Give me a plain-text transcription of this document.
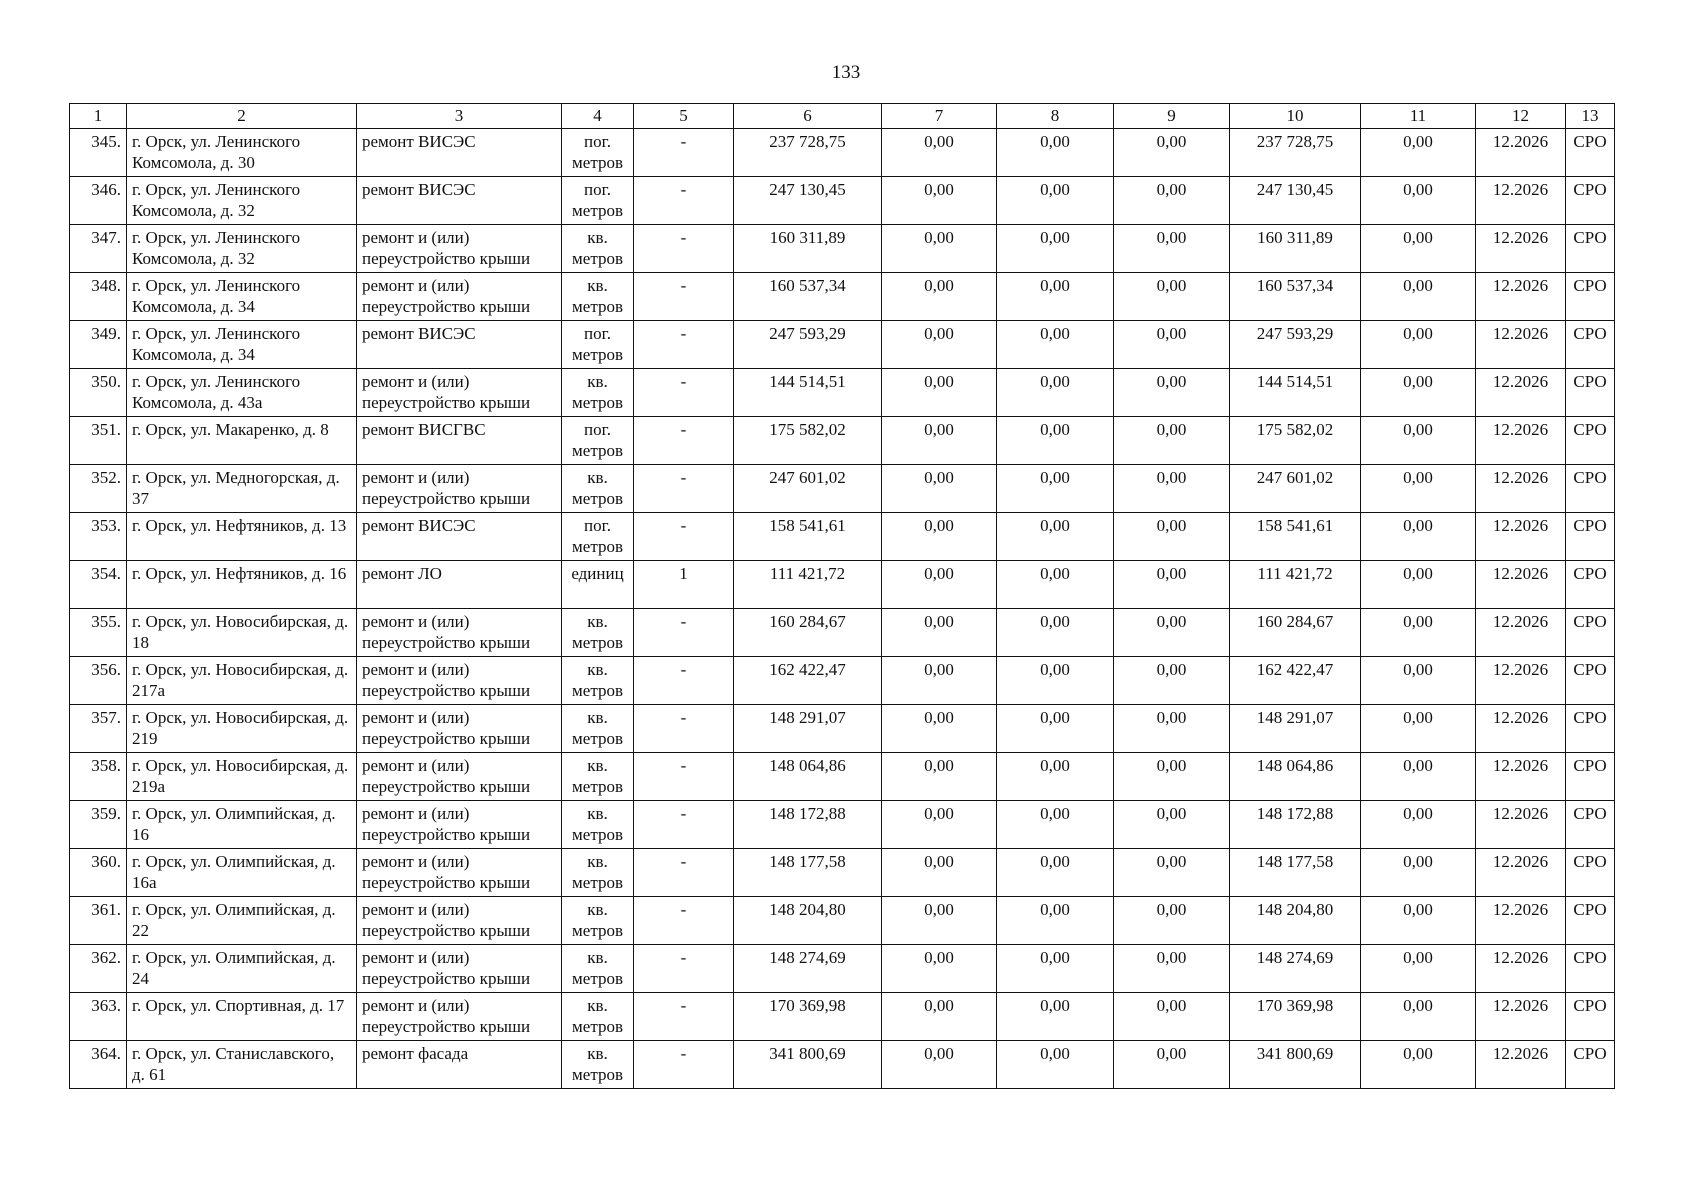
133
1	2	3	4	5	6	7	8	9	10	11	12	13
345.	г. Орск, ул. Ленинского Комсомола, д. 30	ремонт ВИСЭС	пог. метров	-	237 728,75	0,00	0,00	0,00	237 728,75	0,00	12.2026	СРО
346.	г. Орск, ул. Ленинского Комсомола, д. 32	ремонт ВИСЭС	пог. метров	-	247 130,45	0,00	0,00	0,00	247 130,45	0,00	12.2026	СРО
347.	г. Орск, ул. Ленинского Комсомола, д. 32	ремонт и (или) переустройство крыши	кв. метров	-	160 311,89	0,00	0,00	0,00	160 311,89	0,00	12.2026	СРО
348.	г. Орск, ул. Ленинского Комсомола, д. 34	ремонт и (или) переустройство крыши	кв. метров	-	160 537,34	0,00	0,00	0,00	160 537,34	0,00	12.2026	СРО
349.	г. Орск, ул. Ленинского Комсомола, д. 34	ремонт ВИСЭС	пог. метров	-	247 593,29	0,00	0,00	0,00	247 593,29	0,00	12.2026	СРО
350.	г. Орск, ул. Ленинского Комсомола, д. 43а	ремонт и (или) переустройство крыши	кв. метров	-	144 514,51	0,00	0,00	0,00	144 514,51	0,00	12.2026	СРО
351.	г. Орск, ул. Макаренко, д. 8	ремонт ВИСГВС	пог. метров	-	175 582,02	0,00	0,00	0,00	175 582,02	0,00	12.2026	СРО
352.	г. Орск, ул. Медногорская, д. 37	ремонт и (или) переустройство крыши	кв. метров	-	247 601,02	0,00	0,00	0,00	247 601,02	0,00	12.2026	СРО
353.	г. Орск, ул. Нефтяников, д. 13	ремонт ВИСЭС	пог. метров	-	158 541,61	0,00	0,00	0,00	158 541,61	0,00	12.2026	СРО
354.	г. Орск, ул. Нефтяников, д. 16	ремонт ЛО	единиц	1	111 421,72	0,00	0,00	0,00	111 421,72	0,00	12.2026	СРО
355.	г. Орск, ул. Новосибирская, д. 18	ремонт и (или) переустройство крыши	кв. метров	-	160 284,67	0,00	0,00	0,00	160 284,67	0,00	12.2026	СРО
356.	г. Орск, ул. Новосибирская, д. 217а	ремонт и (или) переустройство крыши	кв. метров	-	162 422,47	0,00	0,00	0,00	162 422,47	0,00	12.2026	СРО
357.	г. Орск, ул. Новосибирская, д. 219	ремонт и (или) переустройство крыши	кв. метров	-	148 291,07	0,00	0,00	0,00	148 291,07	0,00	12.2026	СРО
358.	г. Орск, ул. Новосибирская, д. 219а	ремонт и (или) переустройство крыши	кв. метров	-	148 064,86	0,00	0,00	0,00	148 064,86	0,00	12.2026	СРО
359.	г. Орск, ул. Олимпийская, д. 16	ремонт и (или) переустройство крыши	кв. метров	-	148 172,88	0,00	0,00	0,00	148 172,88	0,00	12.2026	СРО
360.	г. Орск, ул. Олимпийская, д. 16а	ремонт и (или) переустройство крыши	кв. метров	-	148 177,58	0,00	0,00	0,00	148 177,58	0,00	12.2026	СРО
361.	г. Орск, ул. Олимпийская, д. 22	ремонт и (или) переустройство крыши	кв. метров	-	148 204,80	0,00	0,00	0,00	148 204,80	0,00	12.2026	СРО
362.	г. Орск, ул. Олимпийская, д. 24	ремонт и (или) переустройство крыши	кв. метров	-	148 274,69	0,00	0,00	0,00	148 274,69	0,00	12.2026	СРО
363.	г. Орск, ул. Спортивная, д. 17	ремонт и (или) переустройство крыши	кв. метров	-	170 369,98	0,00	0,00	0,00	170 369,98	0,00	12.2026	СРО
364.	г. Орск, ул. Станиславского, д. 61	ремонт фасада	кв. метров	-	341 800,69	0,00	0,00	0,00	341 800,69	0,00	12.2026	СРО
